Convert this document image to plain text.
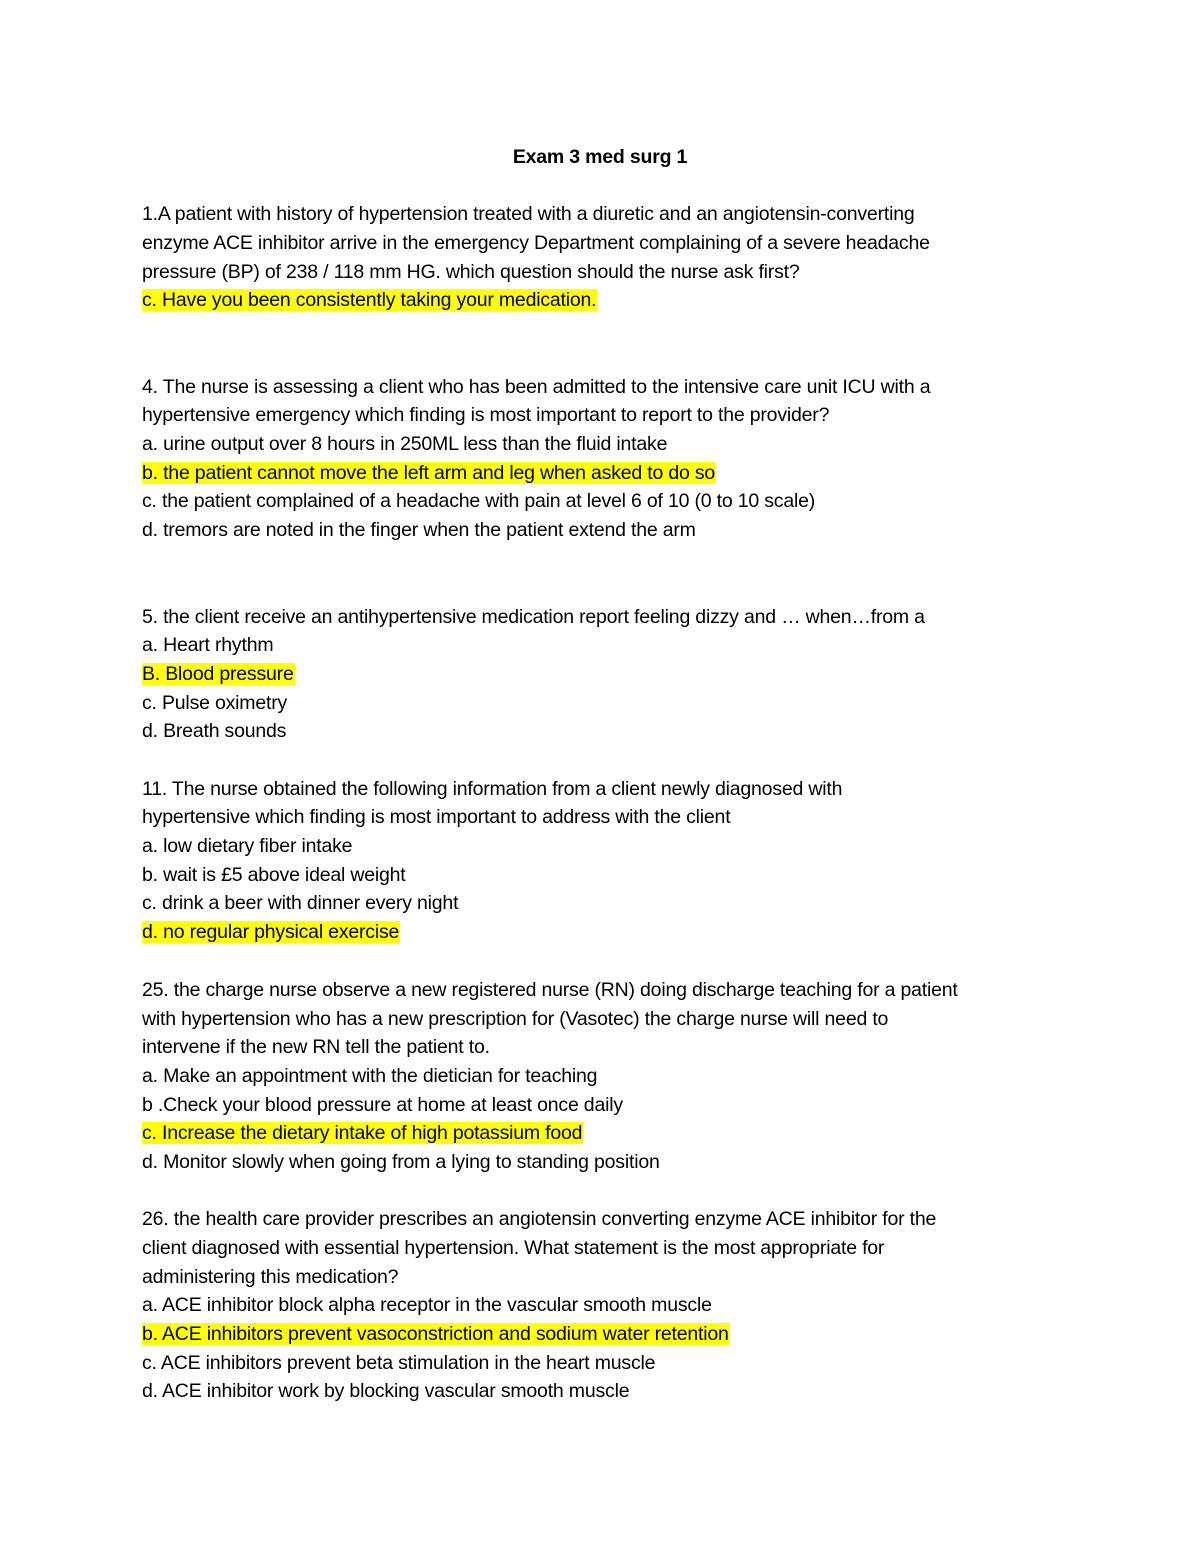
Exam 3 med surg 1
1.A patient with history of hypertension treated with a diuretic and an angiotensin-converting
enzyme ACE inhibitor arrive in the emergency Department complaining of a severe headache
pressure (BP) of 238 / 118 mm HG. which question should the nurse ask first?
c. Have you been consistently taking your medication.
4. The nurse is assessing a client who has been admitted to the intensive care unit ICU with a
hypertensive emergency which finding is most important to report to the provider?
a. urine output over 8 hours in 250ML less than the fluid intake
b. the patient cannot move the left arm and leg when asked to do so
c. the patient complained of a headache with pain at level 6 of 10 (0 to 10 scale)
d. tremors are noted in the finger when the patient extend the arm
5. the client receive an antihypertensive medication report feeling dizzy and … when…from a
a. Heart rhythm
B. Blood pressure
c. Pulse oximetry
d. Breath sounds
11. The nurse obtained the following information from a client newly diagnosed with
hypertensive which finding is most important to address with the client
a. low dietary fiber intake
b. wait is £5 above ideal weight
c. drink a beer with dinner every night
d. no regular physical exercise
25. the charge nurse observe a new registered nurse (RN) doing discharge teaching for a patient
with hypertension who has a new prescription for (Vasotec) the charge nurse will need to
intervene if the new RN tell the patient to.
a. Make an appointment with the dietician for teaching
b .Check your blood pressure at home at least once daily
c. Increase the dietary intake of high potassium food
d. Monitor slowly when going from a lying to standing position
26. the health care provider prescribes an angiotensin converting enzyme ACE inhibitor for the
client diagnosed with essential hypertension. What statement is the most appropriate for
administering this medication?
a. ACE inhibitor block alpha receptor in the vascular smooth muscle
b. ACE inhibitors prevent vasoconstriction and sodium water retention
c. ACE inhibitors prevent beta stimulation in the heart muscle
d. ACE inhibitor work by blocking vascular smooth muscle
